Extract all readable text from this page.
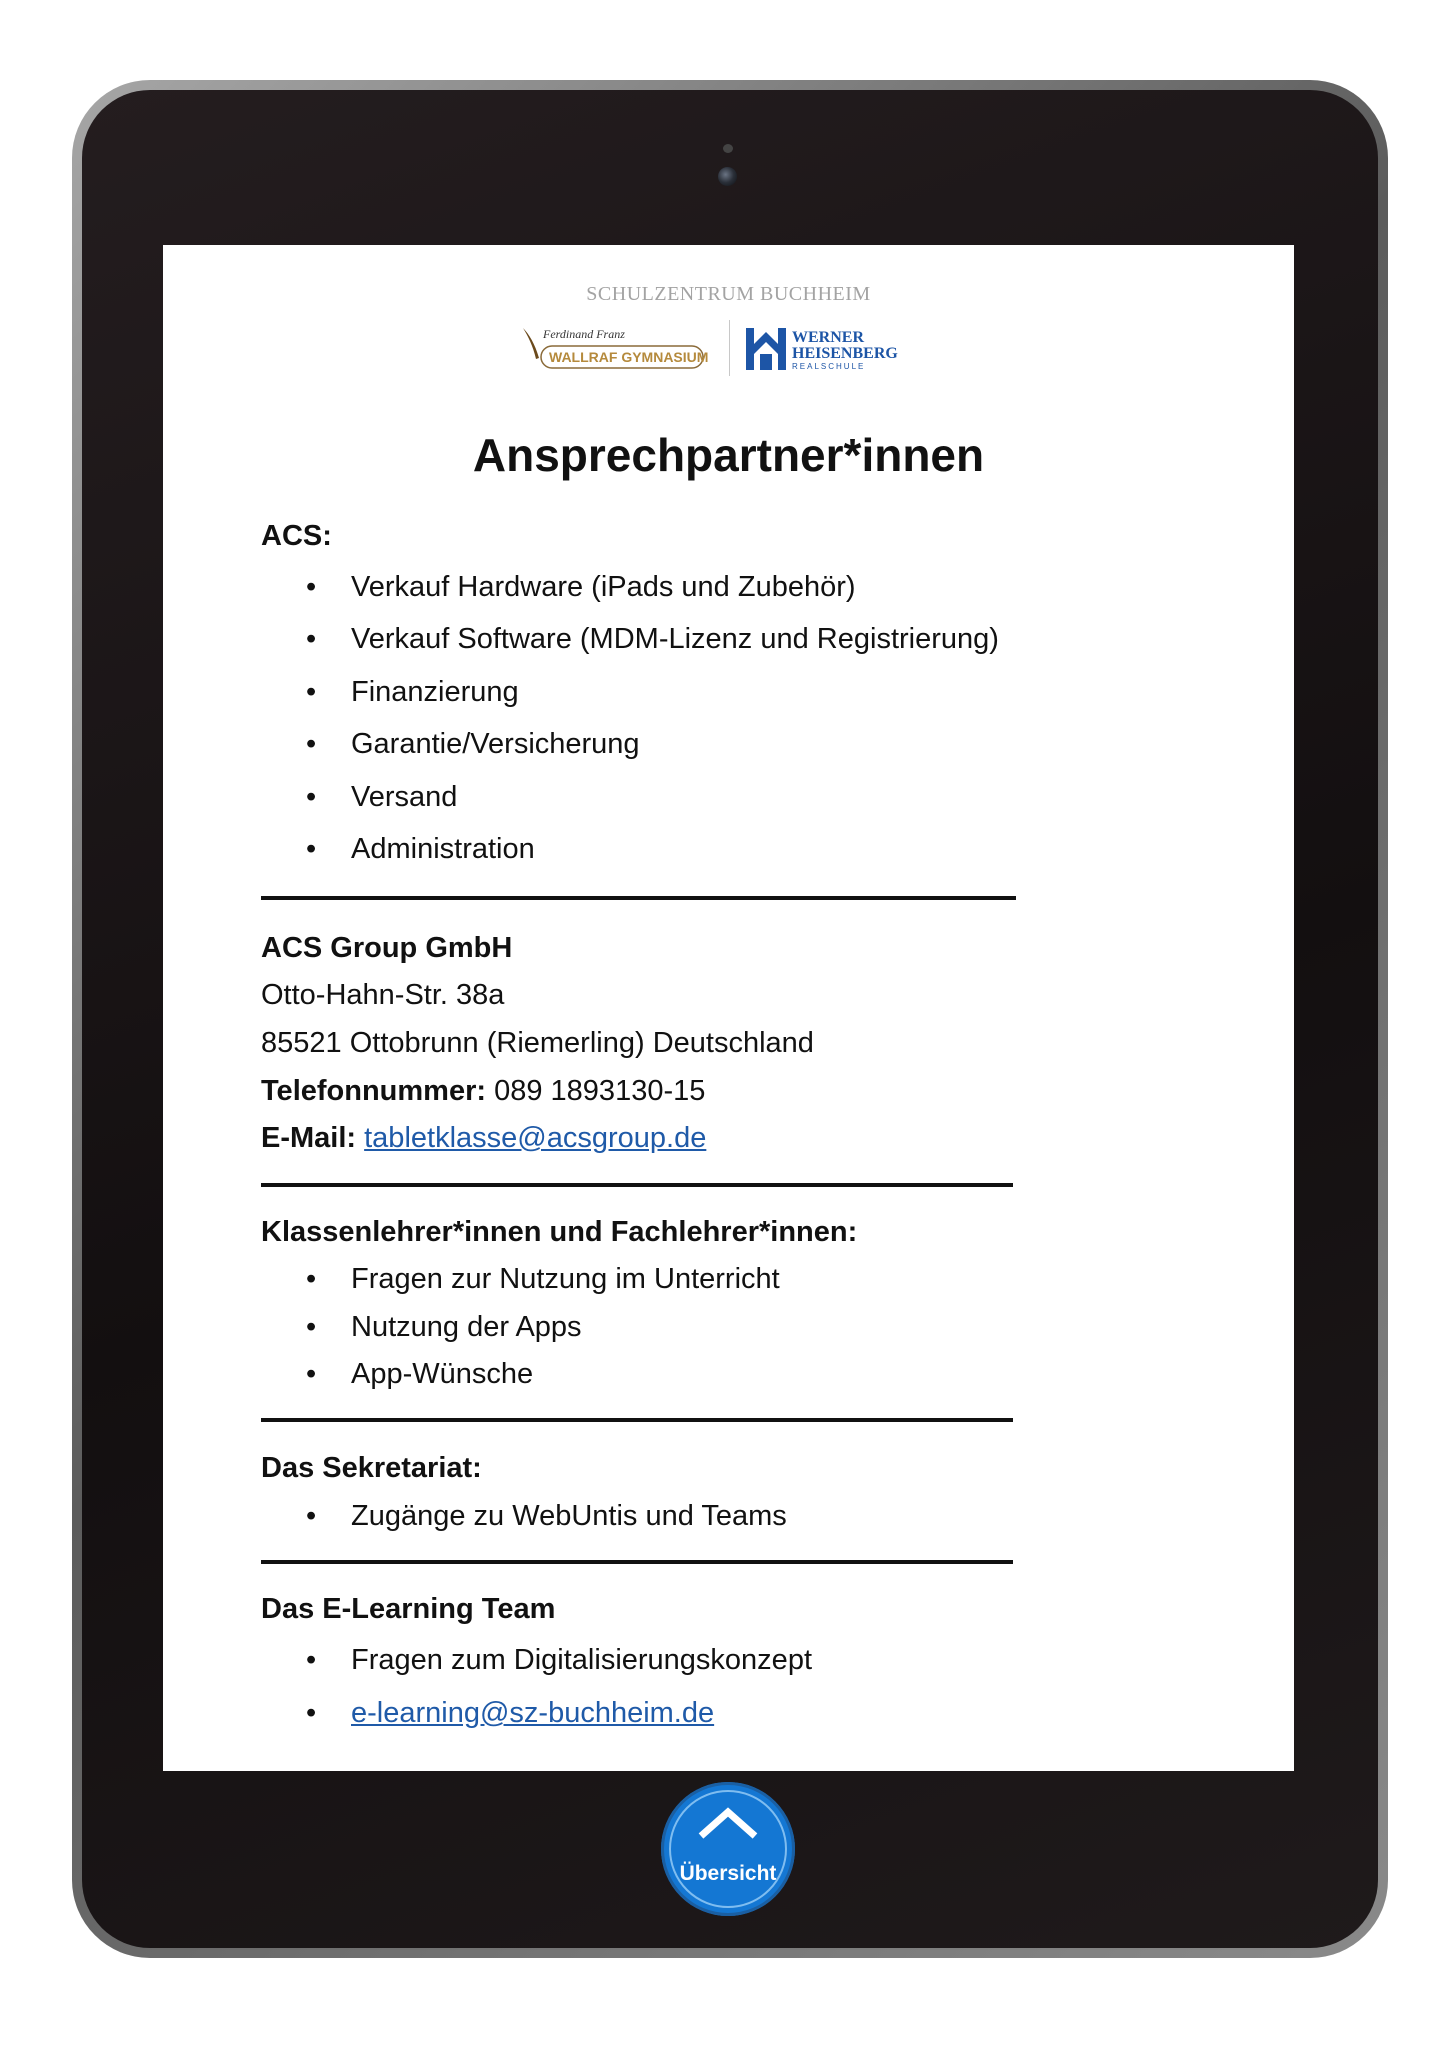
SCHULZENTRUM BUCHHEIM
Ferdinand Franz
WALLRAF GYMNASIUM
WERNER
HEISENBERG
REALSCHULE
Ansprechpartner*innen
ACS:
• Verkauf Hardware (iPads und Zubehör)
• Verkauf Software (MDM-Lizenz und Registrierung)
• Finanzierung
• Garantie/Versicherung
• Versand
• Administration
ACS Group GmbH
Otto-Hahn-Str. 38a
85521 Ottobrunn (Riemerling) Deutschland
Telefonnummer: 089 1893130-15
E-Mail: tabletklasse@acsgroup.de
Klassenlehrer*innen und Fachlehrer*innen:
• Fragen zur Nutzung im Unterricht
• Nutzung der Apps
• App-Wünsche
Das Sekretariat:
• Zugänge zu WebUntis und Teams
Das E-Learning Team
• Fragen zum Digitalisierungskonzept
• e-learning@sz-buchheim.de
Übersicht
